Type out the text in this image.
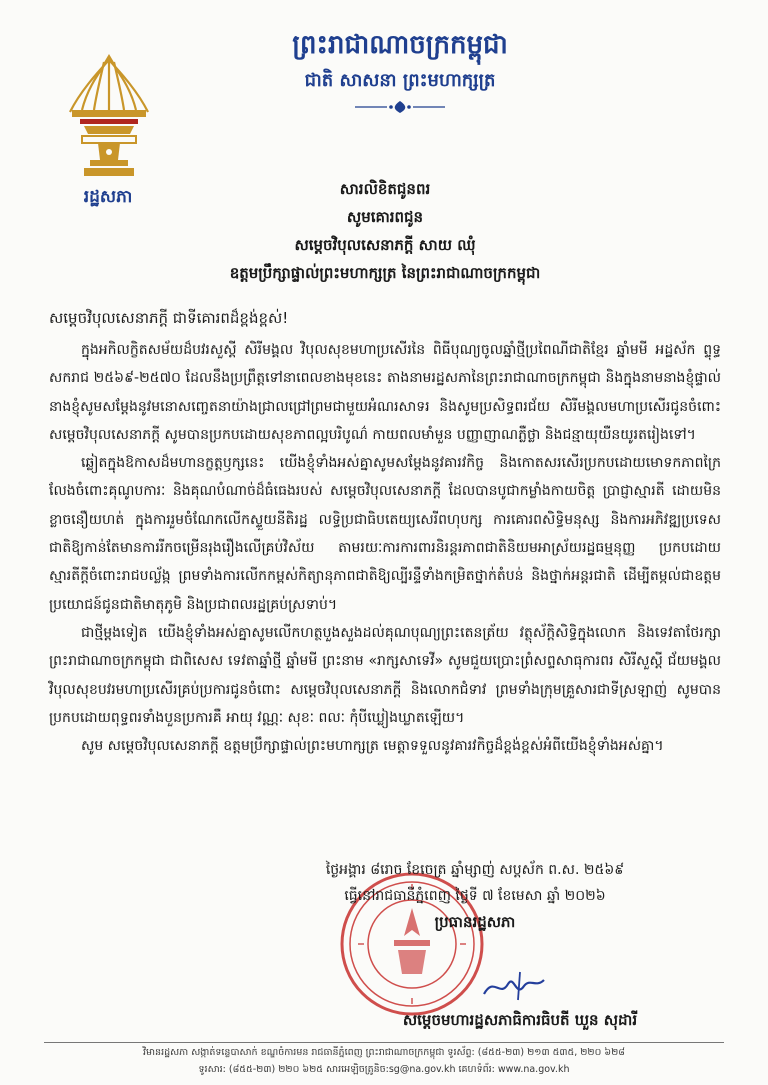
រដ្ឋសភា
ព្រះរាជាណាចក្រកម្ពុជា
ជាតិ សាសនា ព្រះមហាក្សត្រ
សារលិខិតជូនពរ
សូមគោរពជូន
សម្តេចវិបុលសេនាភក្តី សាយ ឈុំ
ឧត្តមប្រឹក្សាផ្ទាល់ព្រះមហាក្សត្រ នៃព្រះរាជាណាចក្រកម្ពុជា
សម្តេចវិបុលសេនាភក្តី ជាទីគោរពដ៏ខ្ពង់ខ្ពស់!

ក្នុងអកិលក្ខិតសម័យដ៏បវរសួស្តី សិរីមង្គល វិបុលសុខមហាប្រសើរនៃ ពិធីបុណ្យចូលឆ្នាំថ្មីប្រពៃណីជាតិខ្មែរ ឆ្នាំមមី អដ្ឋស័ក ព្ទុទ្ធសករាជ ២៥៦៩-២៥៧០ ដែលនឹងប្រព្រឹត្តទៅនាពេលខាងមុខនេះ តាងនាមរដ្ឋសភានៃព្រះរាជាណាចក្រកម្ពុជា និងក្នុងនាមនាងខ្ញុំផ្ទាល់ នាងខ្ញុំសូមសម្តែងនូវមនោសញ្ចេតនាយ៉ាងជ្រាលជ្រៅព្រមជាមួយអំណរសាទរ និងសូមប្រសិទ្ធពរជ័យ សិរីមង្គលមហាប្រសើរជូនចំពោះ សម្តេចវិបុលសេនាភក្តី សូមបានប្រកបដោយសុខភាពល្អបរិបូណ៌ កាយពលមាំមួន បញ្ញាញាណភ្លឺថ្លា និងជន្មាយុយឺនយូរតរៀងទៅ។

ឆ្លៀតក្នុងឱកាសដ៏មហានក្ខត្តឫក្សនេះ យើងខ្ញុំទាំងអស់គ្នាសូមសម្តែងនូវគារវកិច្ច និងកោតសរសើរប្រកបដោយមោទកភាពក្រៃលែងចំពោះគុណូបការៈ និងគុណបំណាច់ដ៏ធំធេងរបស់ សម្តេចវិបុលសេនាភក្តី ដែលបានបូជាកម្លាំងកាយចិត្ត ប្រាជ្ញាស្មារតី ដោយមិនខ្លាចនឿយហត់ ក្នុងការរួមចំណែកលើកស្ទួយនីតិរដ្ឋ លទ្ធិប្រជាធិបតេយ្យសេរីពហុបក្ស ការគោរពសិទ្ធិមនុស្ស និងការអភិវឌ្ឍប្រទេសជាតិឱ្យកាន់តែមានការរីកចម្រើនរុងរឿងលើគ្រប់វិស័យ តាមរយៈការការពារនិរន្តរភាពជាតិនិយមអាស្រ័យរដ្ឋធម្មនុញ្ញ ប្រកបដោយស្មារតីក្តីចំពោះរាជបល្ល័ង្ក ព្រមទាំងការលើកកម្ពស់កិត្យានុភាពជាតិឱ្យល្បីរន្ទឺទាំងកម្រិតថ្នាក់តំបន់ និងថ្នាក់អន្តរជាតិ ដើម្បីតម្កល់ជាឧត្តមប្រយោជន៍ជូនជាតិមាតុភូមិ និងប្រជាពលរដ្ឋគ្រប់ស្រទាប់។

ជាថ្មីម្តងទៀត យើងខ្ញុំទាំងអស់គ្នាសូមលើកហត្ថបួងសួងដល់គុណបុណ្យព្រះតេនត្រ័យ វត្ថុស័ក្តិសិទ្ធិក្នុងលោក និងទេវតាថែរក្សាព្រះរាជាណាចក្រកម្ពុជា ជាពិសេស ទេវតាឆ្នាំថ្មី ឆ្នាំមមី ព្រះនាម «រាក្សសាទេវី» សូមជួយប្រោះព្រំសព្ទសាធុការពរ សិរីសួស្តី ជ័យមង្គល វិបុលសុខបវរមហាប្រសើរគ្រប់ប្រការជូនចំពោះ សម្តេចវិបុលសេនាភក្តី និងលោកជំទាវ ព្រមទាំងក្រុមគ្រួសារជាទីស្រឡាញ់ សូមបានប្រកបដោយពុទ្ធពរទាំងបួនប្រការគឺ អាយុ វណ្ណៈ សុខៈ ពលៈ កុំបីឃ្លៀងឃ្លាតឡើយ។

សូម សម្តេចវិបុលសេនាភក្តី ឧត្តមប្រឹក្សាផ្ទាល់ព្រះមហាក្សត្រ មេត្តាទទួលនូវគារវកិច្ចដ៏ខ្ពង់ខ្ពស់អំពីយើងខ្ញុំទាំងអស់គ្នា។

ថ្ងៃអង្គារ ៨រោច ខែចេត្រ ឆ្នាំម្សាញ់ សប្តស័ក ព.ស. ២៥៦៩
ធ្វើនៅរាជធានីភ្នំពេញ ថ្ងៃទី ៧ ខែមេសា ឆ្នាំ ២០២៦
ប្រធានរដ្ឋសភា
សម្តេចមហារដ្ឋសភាធិការធិបតី ឃួន សុដារី
វិមានរដ្ឋសភា សង្កាត់ទន្លេបាសាក់ ខណ្ឌចំការមន រាជធានីភ្នំពេញ ព្រះរាជាណាចក្រកម្ពុជា ទូរស័ព្ទ: (៨៥៥-២៣) ២១៣ ៥៣៥, ២២០ ៦២៨
ទូរសារ: (៨៥៥-២៣) ២២០ ៦២៥ សារអេឡិចត្រូនិច:sg@na.gov.kh គេហទំព័រ: www.na.gov.kh
